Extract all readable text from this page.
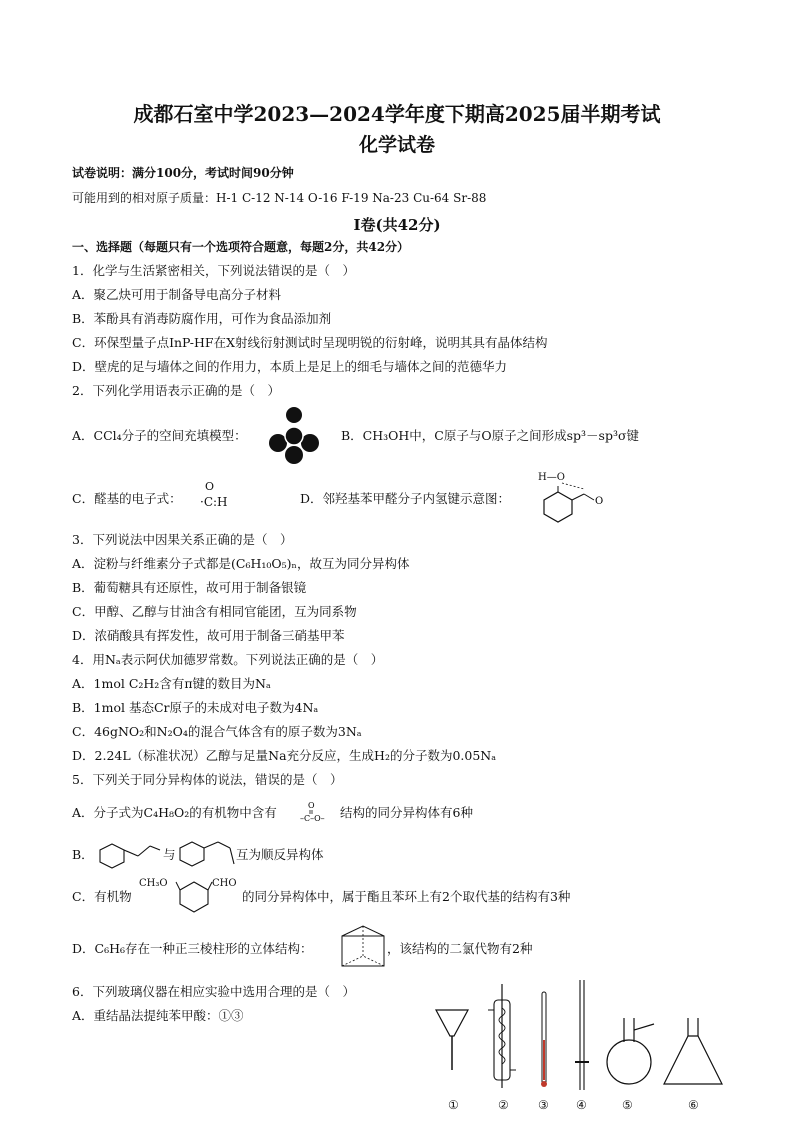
成都石室中学2023—2024学年度下期高2025届半期考试
化学试卷
试卷说明：满分100分，考试时间90分钟
可能用到的相对原子质量：H-1 C-12 N-14 O-16 F-19 Na-23 Cu-64 Sr-88
Ⅰ卷(共42分)
一、选择题（每题只有一个选项符合题意，每题2分，共42分）
1．化学与生活紧密相关，下列说法错误的是（　）
A．聚乙炔可用于制备导电高分子材料
B．苯酚具有消毒防腐作用，可作为食品添加剂
C．环保型量子点InP-HF在X射线衍射测试时呈现明锐的衍射峰，说明其具有晶体结构
D．壁虎的足与墙体之间的作用力，本质上是足上的细毛与墙体之间的范德华力
2．下列化学用语表示正确的是（　）
A．CCl₄分子的空间充填模型：	B．CH₃OH中，C原子与O原子之间形成sp³－sp³σ键
C．醛基的电子式：
O
·C:H	D．邻羟基苯甲醛分子内氢键示意图：
H—O
O
3．下列说法中因果关系正确的是（　）
A．淀粉与纤维素分子式都是(C₆H₁₀O₅)ₙ，故互为同分异构体
B．葡萄糖具有还原性，故可用于制备银镜
C．甲醇、乙醇与甘油含有相同官能团，互为同系物
D．浓硝酸具有挥发性，故可用于制备三硝基甲苯
4．用Nₐ表示阿伏加德罗常数。下列说法正确的是（　）
A．1mol C₂H₂含有π键的数目为Nₐ
B．1mol 基态Cr原子的未成对电子数为4Nₐ
C．46gNO₂和N₂O₄的混合气体含有的原子数为3Nₐ
D．2.24L（标准状况）乙醇与足量Na充分反应，生成H₂的分子数为0.05Nₐ
5．下列关于同分异构体的说法，错误的是（　）
A．分子式为C₄H₈O₂的有机物中含有	O
–C–O– 结构的同分异构体有6种
B．	与	互为顺反异构体
C．有机物
CH₃O	CHO
的同分异构体中，属于酯且苯环上有2个取代基的结构有3种
D．C₆H₆存在一种正三棱柱形的立体结构：	，该结构的二氯代物有2种
6．下列玻璃仪器在相应实验中选用合理的是（　）
A．重结晶法提纯苯甲酸：①③
①	② ③ ④	⑤	⑥
